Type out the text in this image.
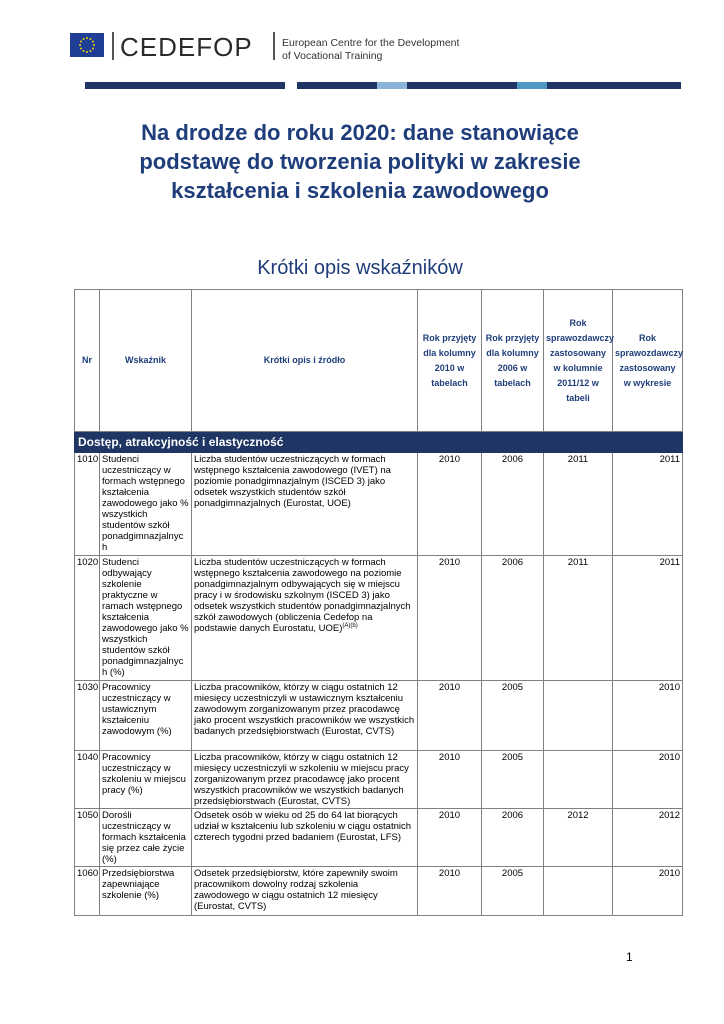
CEDEFOP	European Centre for the Development
of Vocational Training
Na drodze do roku 2020: dane stanowiące
podstawę do tworzenia polityki w zakresie
kształcenia i szkolenia zawodowego
Krótki opis wskaźników
Nr	Wskaźnik	Krótki opis i źródło	Rok przyjęty dla kolumny 2010 w tabelach	Rok przyjęty dla kolumny 2006 w tabelach	Rok sprawozdawczy zastosowany w kolumnie 2011/12 w tabeli	Rok sprawozdawczy zastosowany w wykresie
Dostęp, atrakcyjność i elastyczność						
1010	Studenci uczestniczący w formach wstępnego kształcenia zawodowego jako % wszystkich studentów szkół ponadgimnazjalnyc h	Liczba studentów uczestniczących w formach wstępnego kształcenia zawodowego (IVET) na poziomie ponadgimnazjalnym (ISCED 3) jako odsetek wszystkich studentów szkół ponadgimnazjalnych (Eurostat, UOE)	2010	2006	2011	2011
1020	Studenci odbywający szkolenie praktyczne w ramach wstępnego kształcenia zawodowego jako % wszystkich studentów szkół ponadgimnazjalnyc h (%)	Liczba studentów uczestniczących w formach wstępnego kształcenia zawodowego na poziomie ponadgimnazjalnym odbywających się w miejscu pracy i w środowisku szkolnym (ISCED 3) jako odsetek wszystkich studentów ponadgimnazjalnych szkół zawodowych (obliczenia Cedefop na podstawie danych Eurostatu, UOE)$^{(A)(b)}$	2010	2006	2011	2011
1030	Pracownicy uczestniczący w ustawicznym kształceniu zawodowym (%)	Liczba pracowników, którzy w ciągu ostatnich 12 miesięcy uczestniczyli w ustawicznym kształceniu zawodowym zorganizowanym przez pracodawcę jako procent wszystkich pracowników we wszystkich badanych przedsiębiorstwach (Eurostat, CVTS)	2010	2005		2010
1040	Pracownicy uczestniczący w szkoleniu w miejscu pracy (%)	Liczba pracowników, którzy w ciągu ostatnich 12 miesięcy uczestniczyli w szkoleniu w miejscu pracy zorganizowanym przez pracodawcę jako procent wszystkich pracowników we wszystkich badanych przedsiębiorstwach (Eurostat, CVTS)	2010	2005		2010
1050	Dorośli uczestniczący w formach kształcenia się przez całe życie (%)	Odsetek osób w wieku od 25 do 64 lat biorących udział w kształceniu lub szkoleniu w ciągu ostatnich czterech tygodni przed badaniem (Eurostat, LFS)	2010	2006	2012	2012
1060	Przedsiębiorstwa zapewniające szkolenie (%)	Odsetek przedsiębiorstw, które zapewniły swoim pracownikom dowolny rodzaj szkolenia zawodowego w ciągu ostatnich 12 miesięcy (Eurostat, CVTS)	2010	2005		2010
1
